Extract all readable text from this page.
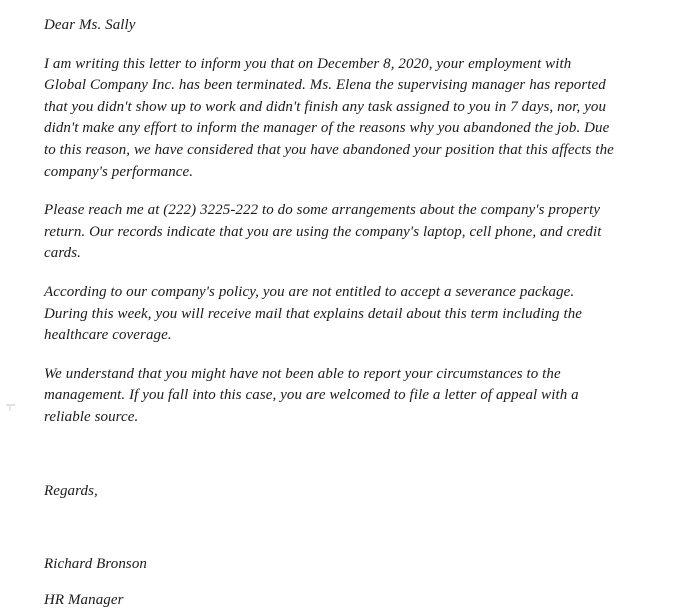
Dear Ms. Sally
I am writing this letter to inform you that on December 8, 2020, your employment with
Global Company Inc. has been terminated. Ms. Elena the supervising manager has reported
that you didn't show up to work and didn't finish any task assigned to you in 7 days, nor, you
didn't make any effort to inform the manager of the reasons why you abandoned the job. Due
to this reason, we have considered that you have abandoned your position that this affects the
company's performance.
Please reach me at (222) 3225-222 to do some arrangements about the company's property
return. Our records indicate that you are using the company's laptop, cell phone, and credit
cards.
According to our company's policy, you are not entitled to accept a severance package.
During this week, you will receive mail that explains detail about this term including the
healthcare coverage.
We understand that you might have not been able to report your circumstances to the
management. If you fall into this case, you are welcomed to file a letter of appeal with a
reliable source.
Regards,
Richard Bronson
HR Manager
